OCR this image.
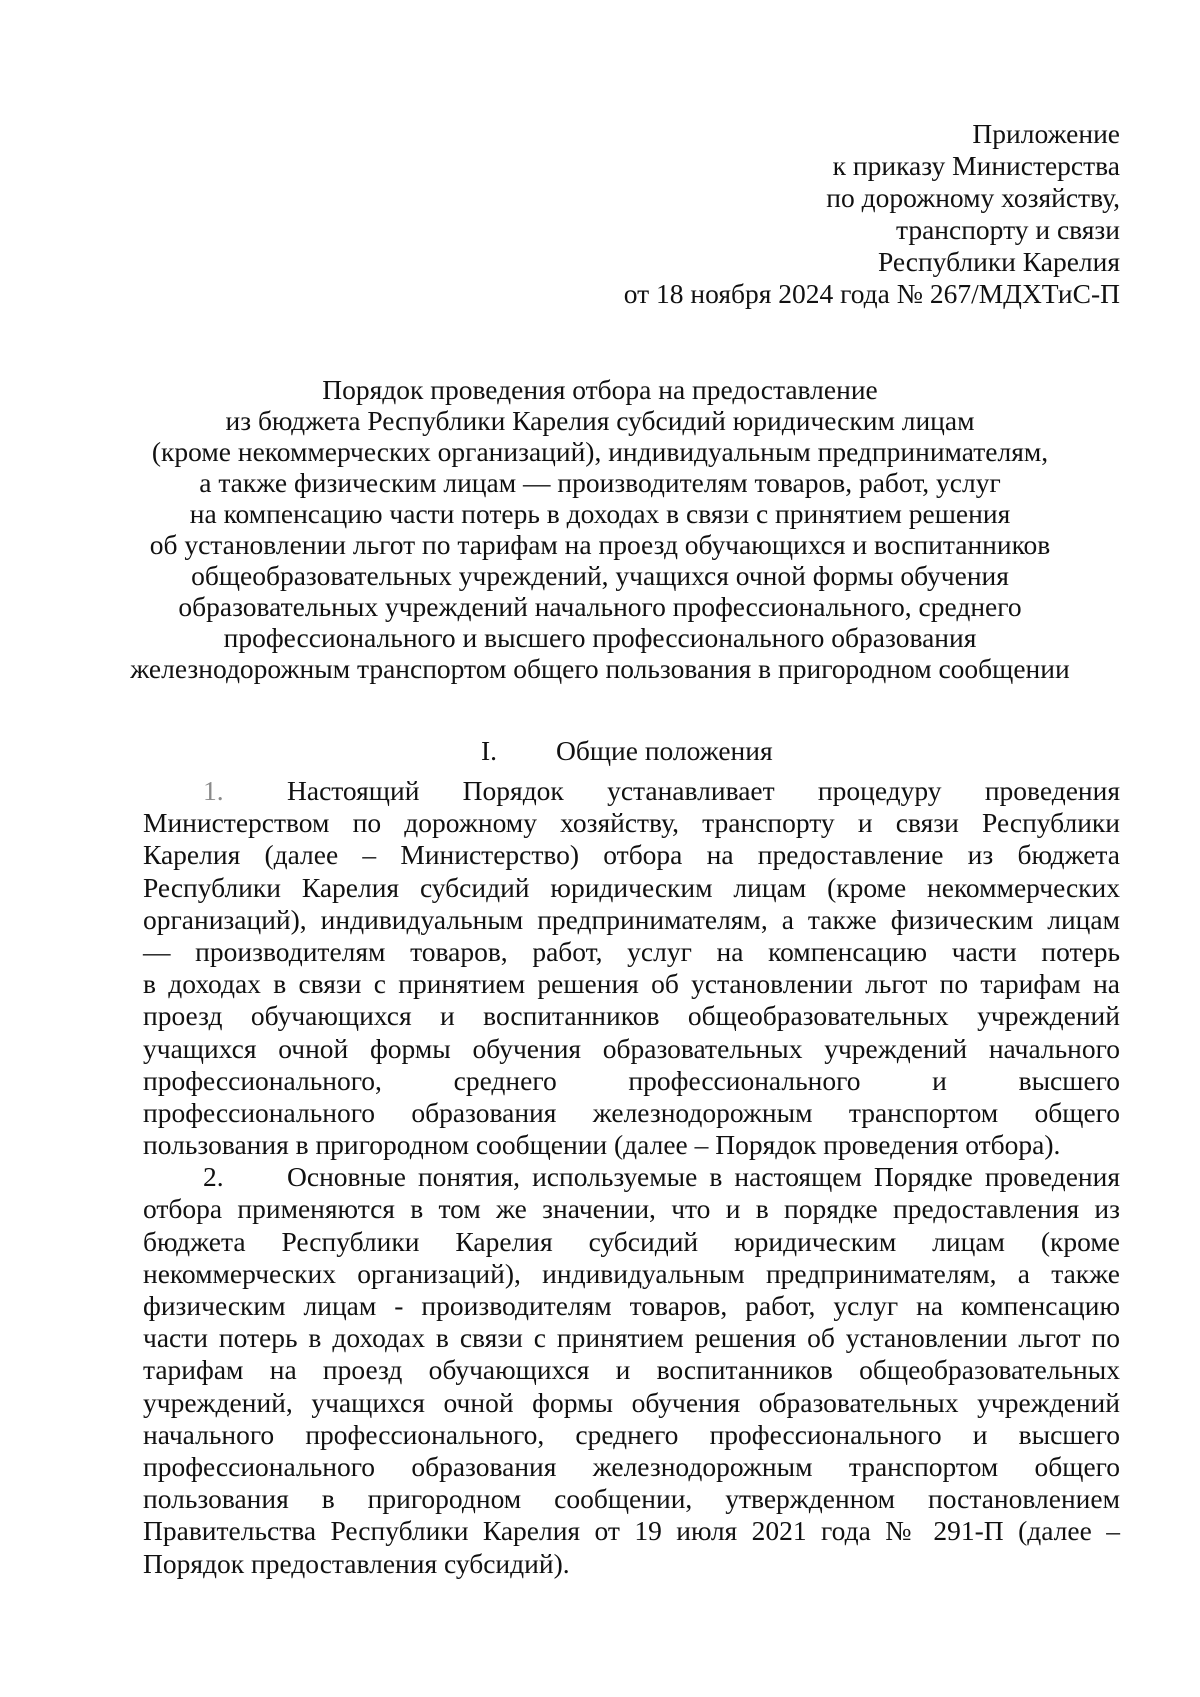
Приложение
к приказу Министерства
по дорожному хозяйству,
транспорту и связи
Республики Карелия
от 18 ноября 2024 года № 267/МДХТиС-П
Порядок проведения отбора на предоставление
из бюджета Республики Карелия субсидий юридическим лицам
(кроме некоммерческих организаций), индивидуальным предпринимателям,
а также физическим лицам — производителям товаров, работ, услуг
на компенсацию части потерь в доходах в связи с принятием решения
об установлении льгот по тарифам на проезд обучающихся и воспитанников
общеобразовательных учреждений, учащихся очной формы обучения
образовательных учреждений начального профессионального, среднего
профессионального и высшего профессионального образования
железнодорожным транспортом общего пользования в пригородном сообщении
I. Общие положения
1. Настоящий Порядок устанавливает процедуру проведения
Министерством по дорожному хозяйству, транспорту и связи Республики
Карелия (далее – Министерство) отбора на предоставление из бюджета
Республики Карелия субсидий юридическим лицам (кроме некоммерческих
организаций), индивидуальным предпринимателям, а также физическим лицам
— производителям товаров, работ, услуг на компенсацию части потерь
в доходах в связи с принятием решения об установлении льгот по тарифам на
проезд обучающихся и воспитанников общеобразовательных учреждений
учащихся очной формы обучения образовательных учреждений начального
профессионального, среднего профессионального и высшего
профессионального образования железнодорожным транспортом общего
пользования в пригородном сообщении (далее – Порядок проведения отбора).
2. Основные понятия, используемые в настоящем Порядке проведения
отбора применяются в том же значении, что и в порядке предоставления из
бюджета Республики Карелия субсидий юридическим лицам (кроме
некоммерческих организаций), индивидуальным предпринимателям, а также
физическим лицам - производителям товаров, работ, услуг на компенсацию
части потерь в доходах в связи с принятием решения об установлении льгот по
тарифам на проезд обучающихся и воспитанников общеобразовательных
учреждений, учащихся очной формы обучения образовательных учреждений
начального профессионального, среднего профессионального и высшего
профессионального образования железнодорожным транспортом общего
пользования в пригородном сообщении, утвержденном постановлением
Правительства Республики Карелия от 19 июля 2021 года № 291-П (далее –
Порядок предоставления субсидий).
